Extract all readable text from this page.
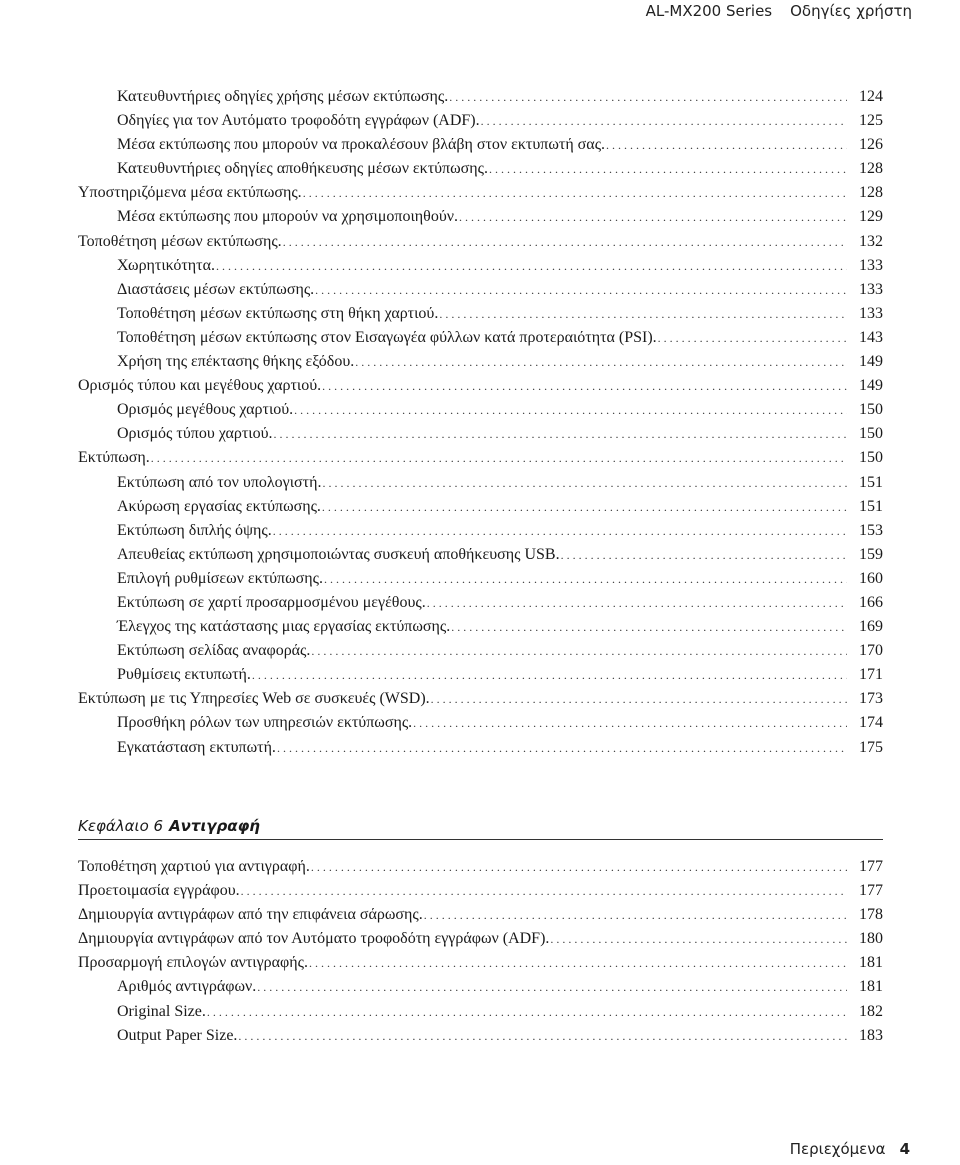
AL-MX200 Series Οδηγίες χρήστη
Κατευθυντήριες οδηγίες χρήσης μέσων εκτύπωσης. . . .	124
Οδηγίες για τον Αυτόματο τροφοδότη εγγράφων (ADF). . . .	125
Μέσα εκτύπωσης που μπορούν να προκαλέσουν βλάβη στον εκτυπωτή σας. . . .	126
Κατευθυντήριες οδηγίες αποθήκευσης μέσων εκτύπωσης. . . .	128
Υποστηριζόμενα μέσα εκτύπωσης. . . .	128
Μέσα εκτύπωσης που μπορούν να χρησιμοποιηθούν. . . .	129
Τοποθέτηση μέσων εκτύπωσης. . . .	132
Χωρητικότητα. . . .	133
Διαστάσεις μέσων εκτύπωσης. . . .	133
Τοποθέτηση μέσων εκτύπωσης στη θήκη χαρτιού. . . .	133
Τοποθέτηση μέσων εκτύπωσης στον Εισαγωγέα φύλλων κατά προτεραιότητα (PSI). . . .	143
Χρήση της επέκτασης θήκης εξόδου. . . .	149
Ορισμός τύπου και μεγέθους χαρτιού. . . .	149
Ορισμός μεγέθους χαρτιού. . . .	150
Ορισμός τύπου χαρτιού. . . .	150
Εκτύπωση. . . .	150
Εκτύπωση από τον υπολογιστή. . . .	151
Ακύρωση εργασίας εκτύπωσης. . . .	151
Εκτύπωση διπλής όψης. . . .	153
Απευθείας εκτύπωση χρησιμοποιώντας συσκευή αποθήκευσης USB. . . .	159
Επιλογή ρυθμίσεων εκτύπωσης. . . .	160
Εκτύπωση σε χαρτί προσαρμοσμένου μεγέθους. . . .	166
Έλεγχος της κατάστασης μιας εργασίας εκτύπωσης. . . .	169
Εκτύπωση σελίδας αναφοράς. . . .	170
Ρυθμίσεις εκτυπωτή. . . .	171
Εκτύπωση με τις Υπηρεσίες Web σε συσκευές (WSD). . . .	173
Προσθήκη ρόλων των υπηρεσιών εκτύπωσης. . . .	174
Εγκατάσταση εκτυπωτή. . . .	175
Κεφάλαιο 6 Αντιγραφή
Τοποθέτηση χαρτιού για αντιγραφή. . . .	177
Προετοιμασία εγγράφου. . . .	177
Δημιουργία αντιγράφων από την επιφάνεια σάρωσης. . . .	178
Δημιουργία αντιγράφων από τον Αυτόματο τροφοδότη εγγράφων (ADF). . . .	180
Προσαρμογή επιλογών αντιγραφής. . . .	181
Αριθμός αντιγράφων. . . .	181
Original Size. . . .	182
Output Paper Size. . . .	183
Περιεχόμενα 4
